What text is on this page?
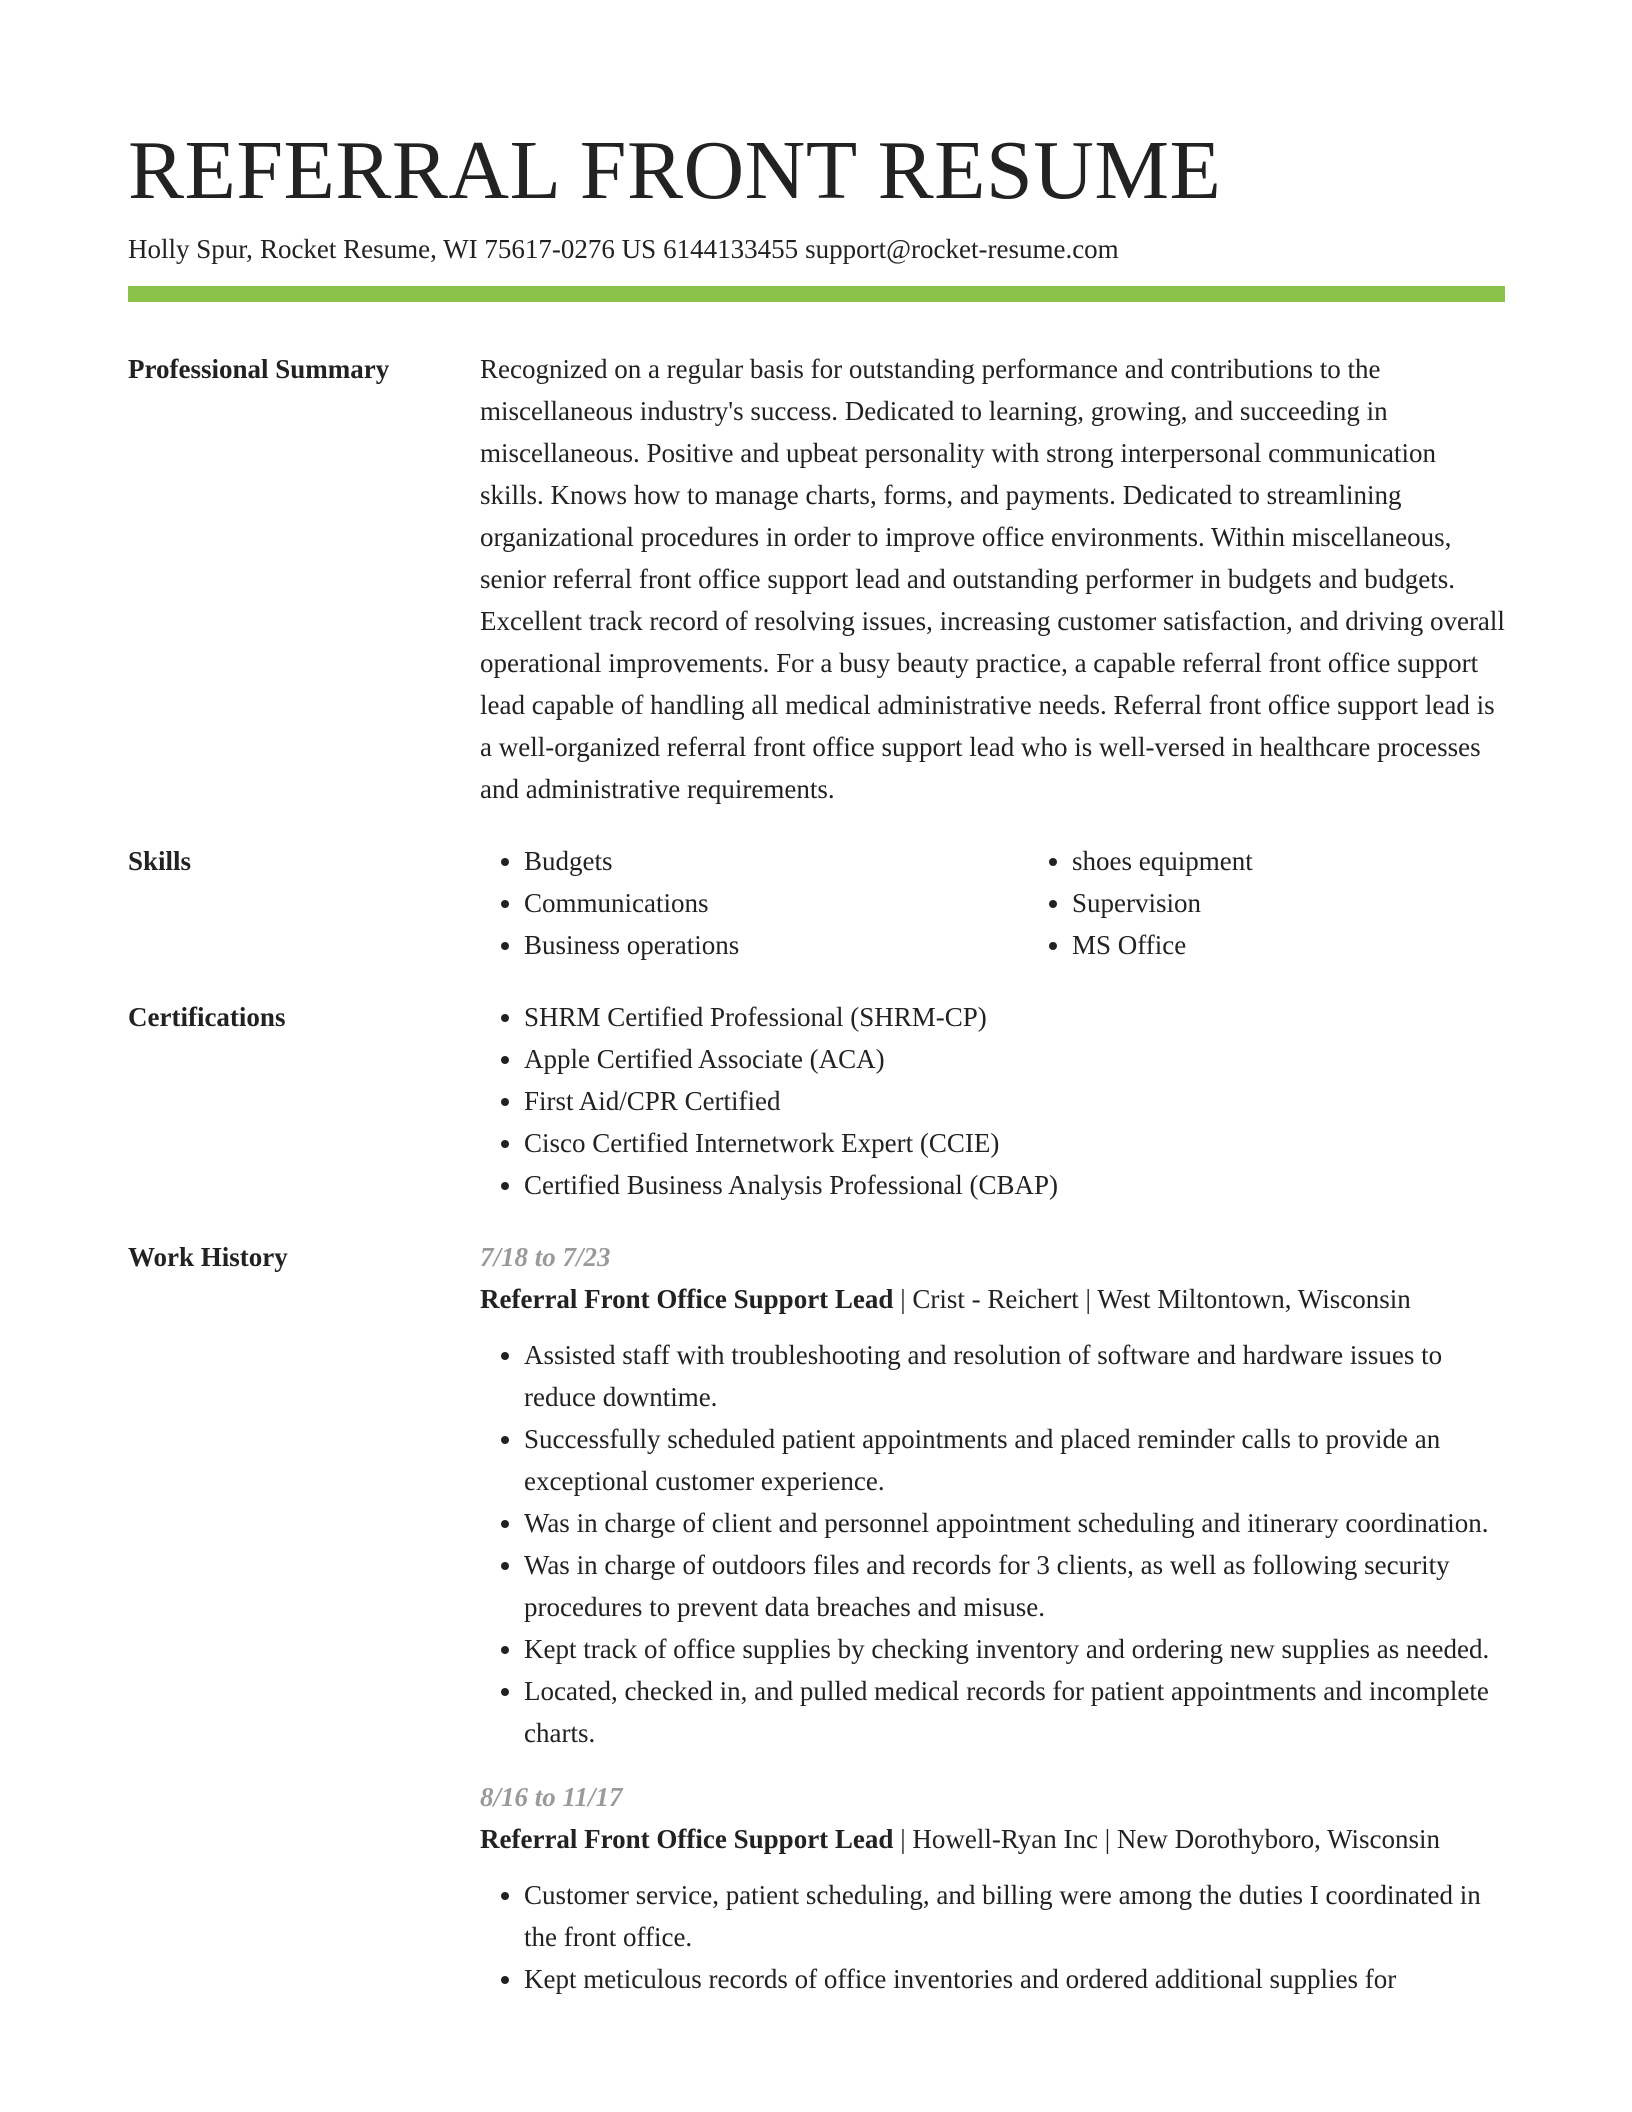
REFERRAL FRONT RESUME
Holly Spur, Rocket Resume, WI 75617-0276 US 6144133455 support@rocket-resume.com
Professional Summary	Recognized on a regular basis for outstanding performance and contributions to the miscellaneous industry's success. Dedicated to learning, growing, and succeeding in miscellaneous. Positive and upbeat personality with strong interpersonal communication skills. Knows how to manage charts, forms, and payments. Dedicated to streamlining organizational procedures in order to improve office environments. Within miscellaneous, senior referral front office support lead and outstanding performer in budgets and budgets. Excellent track record of resolving issues, increasing customer satisfaction, and driving overall operational improvements. For a busy beauty practice, a capable referral front office support lead capable of handling all medical administrative needs. Referral front office support lead is a well-organized referral front office support lead who is well-versed in healthcare processes and administrative requirements.

Skills	• Budgets
• Communications
• Business operations
• shoes equipment
• Supervision
• MS Office
Certifications	• SHRM Certified Professional (SHRM-CP)
• Apple Certified Associate (ACA)
• First Aid/CPR Certified
• Cisco Certified Internetwork Expert (CCIE)
• Certified Business Analysis Professional (CBAP)
Work History	7/18 to 7/23
Referral Front Office Support Lead | Crist - Reichert | West Miltontown, Wisconsin
• Assisted staff with troubleshooting and resolution of software and hardware issues to reduce downtime.
• Successfully scheduled patient appointments and placed reminder calls to provide an exceptional customer experience.
• Was in charge of client and personnel appointment scheduling and itinerary coordination.
• Was in charge of outdoors files and records for 3 clients, as well as following security procedures to prevent data breaches and misuse.
• Kept track of office supplies by checking inventory and ordering new supplies as needed.
• Located, checked in, and pulled medical records for patient appointments and incomplete charts.
8/16 to 11/17
Referral Front Office Support Lead | Howell-Ryan Inc | New Dorothyboro, Wisconsin
• Customer service, patient scheduling, and billing were among the duties I coordinated in the front office.
• Kept meticulous records of office inventories and ordered additional supplies for
